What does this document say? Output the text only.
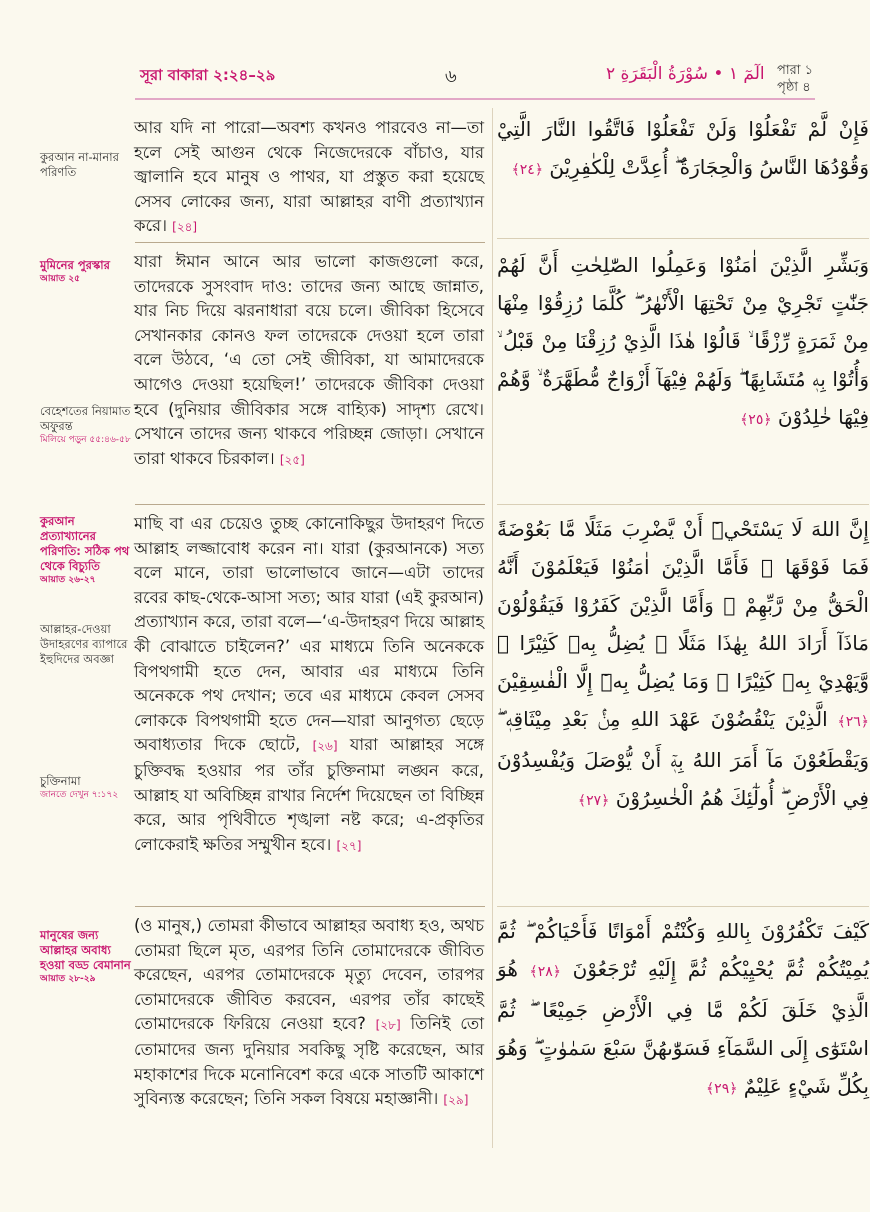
সূরা বাকারা ২:২৪–২৯	৬	الٓمٓ ١ • سُوْرَةُ الْبَقَرَةِ ٢ পারা ১
পৃষ্ঠা ৪
কুরআন না-মানার পরিণতি
মুমিনের পুরস্কার
আয়াত ২৫
বেহেশতের নিয়ামাত অফুরন্ত
মিলিয়ে পড়ুন ৫৫:৪৬-৫৮
কুরআন প্রত্যাখ্যানের পরিণতি: সঠিক পথ থেকে বিচ্যুতি
আয়াত ২৬-২৭
আল্লাহর-দেওয়া উদাহরণের ব্যাপারে ইহুদিদের অবজ্ঞা
চুক্তিনামা
জানতে দেখুন ৭:১৭২
মানুষের জন্য আল্লাহর অবাধ্য হওয়া বড্ড বেমানান
আয়াত ২৮-২৯
আর যদি না পারো—অবশ্য কখনও পারবেও না—তা হলে সেই আগুন থেকে নিজেদেরকে বাঁচাও, যার জ্বালানি হবে মানুষ ও পাথর, যা প্রস্তুত করা হয়েছে সেসব লোকের জন্য, যারা আল্লাহর বাণী প্রত্যাখ্যান করে। [২৪]
যারা ঈমান আনে আর ভালো কাজগুলো করে, তাদেরকে সুসংবাদ দাও: তাদের জন্য আছে জান্নাত, যার নিচ দিয়ে ঝরনাধারা বয়ে চলে। জীবিকা হিসেবে সেখানকার কোনও ফল তাদেরকে দেওয়া হলে তারা বলে উঠবে, ‘এ তো সেই জীবিকা, যা আমাদেরকে আগেও দেওয়া হয়েছিল!’ তাদেরকে জীবিকা দেওয়া হবে (দুনিয়ার জীবিকার সঙ্গে বাহ্যিক) সাদৃশ্য রেখে। সেখানে তাদের জন্য থাকবে পরিচ্ছন্ন জোড়া। সেখানে তারা থাকবে চিরকাল। [২৫]
মাছি বা এর চেয়েও তুচ্ছ কোনোকিছুর উদাহরণ দিতে আল্লাহ লজ্জাবোধ করেন না। যারা (কুরআনকে) সত্য বলে মানে, তারা ভালোভাবে জানে—এটা তাদের রবের কাছ-থেকে-আসা সত্য; আর যারা (এই কুরআন) প্রত্যাখ্যান করে, তারা বলে—‘এ-উদাহরণ দিয়ে আল্লাহ কী বোঝাতে চাইলেন?’ এর মাধ্যমে তিনি অনেককে বিপথগামী হতে দেন, আবার এর মাধ্যমে তিনি অনেককে পথ দেখান; তবে এর মাধ্যমে কেবল সেসব লোককে বিপথগামী হতে দেন—যারা আনুগত্য ছেড়ে অবাধ্যতার দিকে ছোটে, [২৬] যারা আল্লাহর সঙ্গে চুক্তিবদ্ধ হওয়ার পর তাঁর চুক্তিনামা লঙ্ঘন করে, আল্লাহ যা অবিচ্ছিন্ন রাখার নির্দেশ দিয়েছেন তা বিচ্ছিন্ন করে, আর পৃথিবীতে শৃঙ্খলা নষ্ট করে; এ-প্রকৃতির লোকেরাই ক্ষতির সম্মুখীন হবে। [২৭]
(ও মানুষ,) তোমরা কীভাবে আল্লাহর অবাধ্য হও, অথচ তোমরা ছিলে মৃত, এরপর তিনি তোমাদেরকে জীবিত করেছেন, এরপর তোমাদেরকে মৃত্যু দেবেন, তারপর তোমাদেরকে জীবিত করবেন, এরপর তাঁর কাছেই তোমাদেরকে ফিরিয়ে নেওয়া হবে? [২৮] তিনিই তো তোমাদের জন্য দুনিয়ার সবকিছু সৃষ্টি করেছেন, আর মহাকাশের দিকে মনোনিবেশ করে একে সাতটি আকাশে সুবিন্যস্ত করেছেন; তিনি সকল বিষয়ে মহাজ্ঞানী। [২৯]
فَإِنْ لَّمْ تَفْعَلُوْا وَلَنْ تَفْعَلُوْا فَاتَّقُوا النَّارَ الَّتِيْ وَقُوْدُهَا النَّاسُ وَالْحِجَارَةُ ۖ أُعِدَّتْ لِلْكٰفِرِيْنَ ﴿٢٤﴾
وَبَشِّرِ الَّذِيْنَ اٰمَنُوْا وَعَمِلُوا الصّٰلِحٰتِ أَنَّ لَهُمْ جَنّٰتٍ تَجْرِيْ مِنْ تَحْتِهَا الْأَنْهٰرُ ۖ كُلَّمَا رُزِقُوْا مِنْهَا مِنْ ثَمَرَةٍ رِّزْقًا ۙ قَالُوْا هٰذَا الَّذِيْ رُزِقْنَا مِنْ قَبْلُ ۙ وَأُتُوْا بِهٖ مُتَشَابِهًا ۖ وَلَهُمْ فِيْهَآ أَزْوَاجٌ مُّطَهَّرَةٌ ۙ وَّهُمْ فِيْهَا خٰلِدُوْنَ ﴿٢٥﴾
إِنَّ اللهَ لَا يَسْتَحْيٖٓ أَنْ يَّضْرِبَ مَثَلًا مَّا بَعُوْضَةً فَمَا فَوْقَهَا ۖ فَأَمَّا الَّذِيْنَ اٰمَنُوْا فَيَعْلَمُوْنَ أَنَّهُ الْحَقُّ مِنْ رَّبِّهِمْ ۖ وَأَمَّا الَّذِيْنَ كَفَرُوْا فَيَقُوْلُوْنَ مَاذَآ أَرَادَ اللهُ بِهٰذَا مَثَلًا ۘ يُضِلُّ بِهٖ كَثِيْرًا ۙ وَّيَهْدِيْ بِهٖ كَثِيْرًا ۖ وَمَا يُضِلُّ بِهٖٓ إِلَّا الْفٰسِقِيْنَ ﴿٢٦﴾ الَّذِيْنَ يَنْقُضُوْنَ عَهْدَ اللهِ مِنْۢ بَعْدِ مِيْثَاقِهٖ ۖ وَيَقْطَعُوْنَ مَآ أَمَرَ اللهُ بِهٖٓ أَنْ يُّوْصَلَ وَيُفْسِدُوْنَ فِي الْأَرْضِ ۖ أُولٰٓئِكَ هُمُ الْخٰسِرُوْنَ ﴿٢٧﴾
كَيْفَ تَكْفُرُوْنَ بِاللهِ وَكُنْتُمْ أَمْوَاتًا فَأَحْيَاكُمْ ۖ ثُمَّ يُمِيْتُكُمْ ثُمَّ يُحْيِيْكُمْ ثُمَّ إِلَيْهِ تُرْجَعُوْنَ ﴿٢٨﴾ هُوَ الَّذِيْ خَلَقَ لَكُمْ مَّا فِي الْأَرْضِ جَمِيْعًا ۖ ثُمَّ اسْتَوٰٓى إِلَى السَّمَآءِ فَسَوّٰىهُنَّ سَبْعَ سَمٰوٰتٍ ۖ وَهُوَ بِكُلِّ شَيْءٍ عَلِيْمٌ ﴿٢٩﴾
